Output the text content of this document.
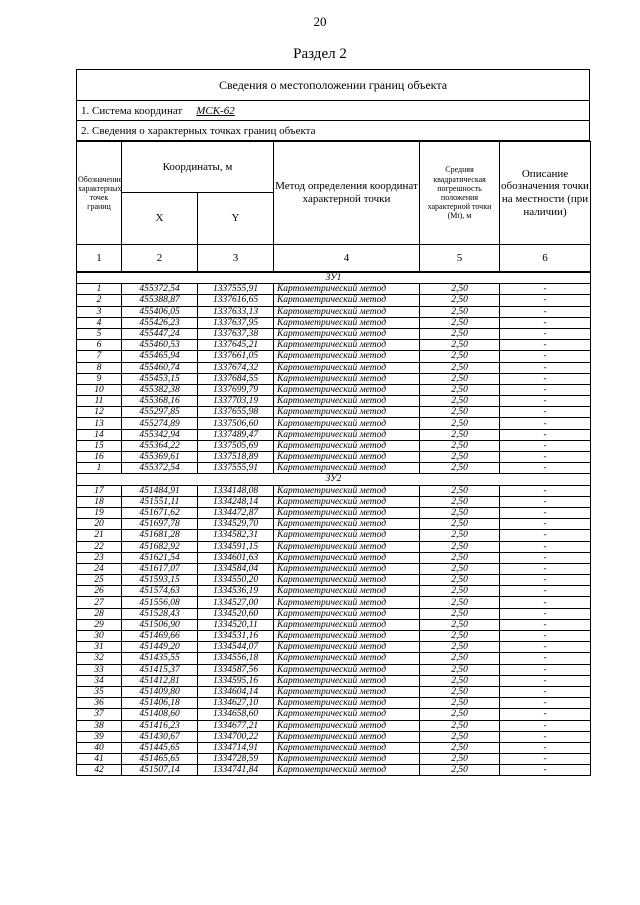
20
Раздел 2
Сведения о местоположении границ объекта
1. Система координат МСК-62
2. Сведения о характерных точках границ объекта
Обозначение характерных точек границ	Координаты, м		Метод определения координат характерной точки	Средняя квадратическая погрешность положения характерной точки (Mt), м	Описание обозначения точки на местности (при наличии)
	X	Y			
1	2	3	4	5	6
ЗУ1					
1	455372,54	1337555,91	Картометрический метод	2,50	-
2	455388,87	1337616,65	Картометрический метод	2,50	-
3	455406,05	1337633,13	Картометрический метод	2,50	-
4	455426,23	1337637,95	Картометрический метод	2,50	-
5	455447,24	1337637,38	Картометрический метод	2,50	-
6	455460,53	1337645,21	Картометрический метод	2,50	-
7	455465,94	1337661,05	Картометрический метод	2,50	-
8	455460,74	1337674,32	Картометрический метод	2,50	-
9	455453,15	1337684,55	Картометрический метод	2,50	-
10	455382,38	1337699,79	Картометрический метод	2,50	-
11	455368,16	1337703,19	Картометрический метод	2,50	-
12	455297,85	1337655,98	Картометрический метод	2,50	-
13	455274,89	1337506,60	Картометрический метод	2,50	-
14	455342,94	1337489,47	Картометрический метод	2,50	-
15	455364,22	1337505,69	Картометрический метод	2,50	-
16	455369,61	1337518,89	Картометрический метод	2,50	-
1	455372,54	1337555,91	Картометрический метод	2,50	-
ЗУ2					
17	451484,91	1334148,08	Картометрический метод	2,50	-
18	451551,11	1334248,14	Картометрический метод	2,50	-
19	451671,62	1334472,87	Картометрический метод	2,50	-
20	451697,78	1334529,70	Картометрический метод	2,50	-
21	451681,28	1334582,31	Картометрический метод	2,50	-
22	451682,92	1334591,15	Картометрический метод	2,50	-
23	451621,54	1334601,63	Картометрический метод	2,50	-
24	451617,07	1334584,04	Картометрический метод	2,50	-
25	451593,15	1334550,20	Картометрический метод	2,50	-
26	451574,63	1334536,19	Картометрический метод	2,50	-
27	451556,08	1334527,00	Картометрический метод	2,50	-
28	451528,43	1334520,60	Картометрический метод	2,50	-
29	451506,90	1334520,11	Картометрический метод	2,50	-
30	451469,66	1334531,16	Картометрический метод	2,50	-
31	451449,20	1334544,07	Картометрический метод	2,50	-
32	451435,55	1334556,18	Картометрический метод	2,50	-
33	451415,37	1334587,56	Картометрический метод	2,50	-
34	451412,81	1334595,16	Картометрический метод	2,50	-
35	451409,80	1334604,14	Картометрический метод	2,50	-
36	451406,18	1334627,10	Картометрический метод	2,50	-
37	451408,60	1334658,60	Картометрический метод	2,50	-
38	451416,23	1334677,21	Картометрический метод	2,50	-
39	451430,67	1334700,22	Картометрический метод	2,50	-
40	451445,65	1334714,91	Картометрический метод	2,50	-
41	451465,65	1334728,59	Картометрический метод	2,50	-
42	451507,14	1334741,84	Картометрический метод	2,50	-
